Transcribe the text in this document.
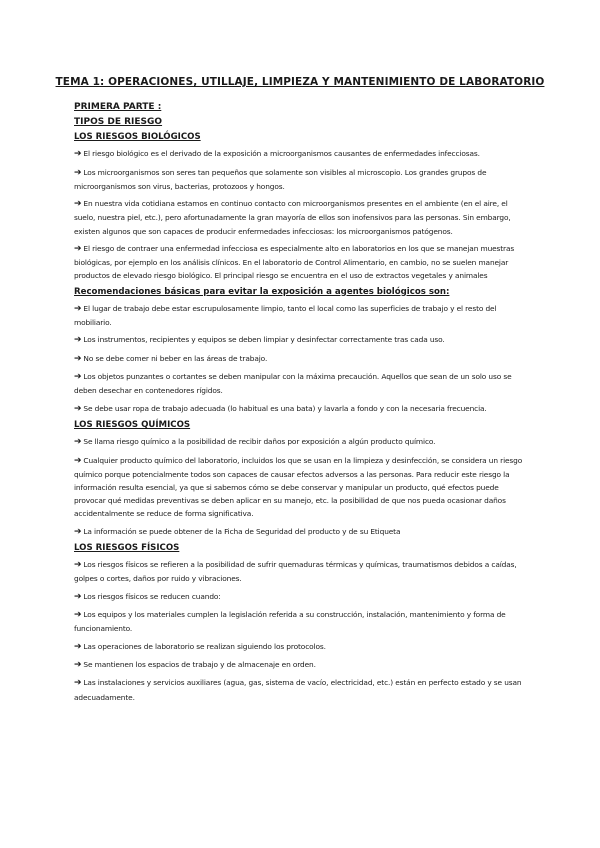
TEMA 1: OPERACIONES, UTILLAJE, LIMPIEZA Y MANTENIMIENTO DE LABORATORIO
PRIMERA PARTE :
TIPOS DE RIESGO
LOS RIESGOS BIOLÓGICOS
➔ El riesgo biológico es el derivado de la exposición a microorganismos causantes de enfermedades infecciosas.
➔ Los microorganismos son seres tan pequeños que solamente son visibles al microscopio. Los grandes grupos de microorganismos son virus, bacterias, protozoos y hongos.
➔ En nuestra vida cotidiana estamos en continuo contacto con microorganismos presentes en el ambiente (en el aire, el suelo, nuestra piel, etc.), pero afortunadamente la gran mayoría de ellos son inofensivos para las personas. Sin embargo, existen algunos que son capaces de producir enfermedades infecciosas: los microorganismos patógenos.
➔ El riesgo de contraer una enfermedad infecciosa es especialmente alto en laboratorios en los que se manejan muestras biológicas, por ejemplo en los análisis clínicos. En el laboratorio de Control Alimentario, en cambio, no se suelen manejar productos de elevado riesgo biológico. El principal riesgo se encuentra en el uso de extractos vegetales y animales
Recomendaciones básicas para evitar la exposición a agentes biológicos son:
➔ El lugar de trabajo debe estar escrupulosamente limpio, tanto el local como las superficies de trabajo y el resto del mobiliario.
➔ Los instrumentos, recipientes y equipos se deben limpiar y desinfectar correctamente tras cada uso.
➔ No se debe comer ni beber en las áreas de trabajo.
➔ Los objetos punzantes o cortantes se deben manipular con la máxima precaución. Aquellos que sean de un solo uso se deben desechar en contenedores rígidos.
➔ Se debe usar ropa de trabajo adecuada (lo habitual es una bata) y lavarla a fondo y con la necesaria frecuencia.
LOS RIESGOS QUÍMICOS
➔ Se llama riesgo químico a la posibilidad de recibir daños por exposición a algún producto químico.
➔ Cualquier producto químico del laboratorio, incluidos los que se usan en la limpieza y desinfección, se considera un riesgo químico porque potencialmente todos son capaces de causar efectos adversos a las personas. Para reducir este riesgo la información resulta esencial, ya que si sabemos cómo se debe conservar y manipular un producto, qué efectos puede provocar qué medidas preventivas se deben aplicar en su manejo, etc. la posibilidad de que nos pueda ocasionar daños accidentalmente se reduce de forma significativa.
➔ La información se puede obtener de la Ficha de Seguridad del producto y de su Etiqueta
LOS RIESGOS FÍSICOS
➔ Los riesgos físicos se refieren a la posibilidad de sufrir quemaduras térmicas y químicas, traumatismos debidos a caídas, golpes o cortes, daños por ruido y vibraciones.
➔ Los riesgos físicos se reducen cuando:
➔ Los equipos y los materiales cumplen la legislación referida a su construcción, instalación, mantenimiento y forma de funcionamiento.
➔ Las operaciones de laboratorio se realizan siguiendo los protocolos.
➔ Se mantienen los espacios de trabajo y de almacenaje en orden.
➔ Las instalaciones y servicios auxiliares (agua, gas, sistema de vacío, electricidad, etc.) están en perfecto estado y se usan adecuadamente.
